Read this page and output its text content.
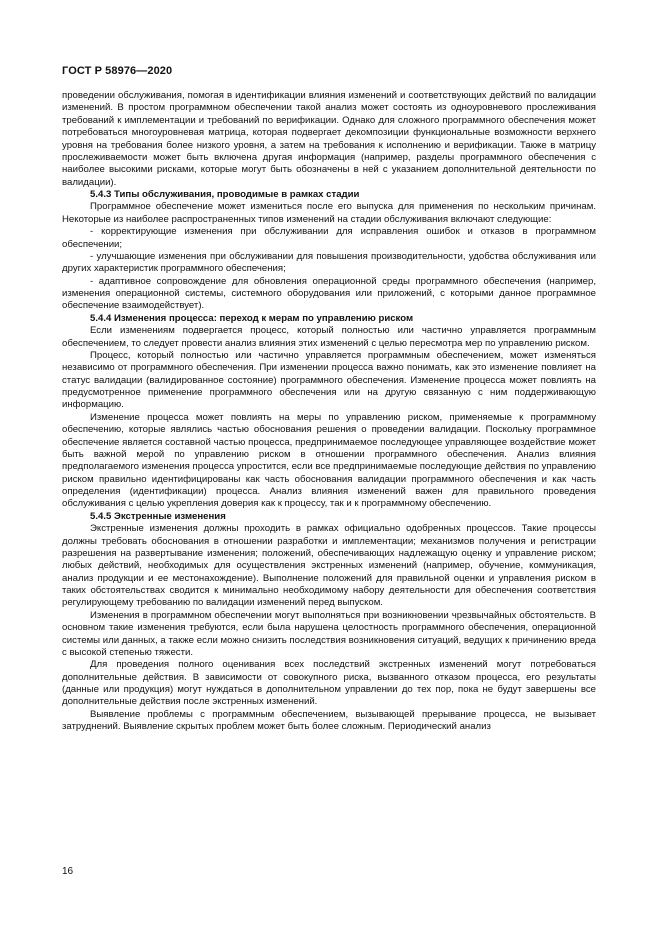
ГОСТ Р 58976—2020

проведении обслуживания, помогая в идентификации влияния изменений и соответствующих действий по валидации изменений. В простом программном обеспечении такой анализ может состоять из одноуровневого прослеживания требований к имплементации и требований по верификации. Однако для сложного программного обеспечения может потребоваться многоуровневая матрица, которая подвергает декомпозиции функциональные возможности верхнего уровня на требования более низкого уровня, а затем на требования к исполнению и верификации. Также в матрицу прослеживаемости может быть включена другая информация (например, разделы программного обеспечения с наиболее высокими рисками, которые могут быть обозначены в ней с указанием дополнительной деятельности по валидации).

5.4.3 Типы обслуживания, проводимые в рамках стадии

Программное обеспечение может измениться после его выпуска для применения по нескольким причинам. Некоторые из наиболее распространенных типов изменений на стадии обслуживания включают следующие:

- корректирующие изменения при обслуживании для исправления ошибок и отказов в программном обеспечении;

- улучшающие изменения при обслуживании для повышения производительности, удобства обслуживания или других характеристик программного обеспечения;

- адаптивное сопровождение для обновления операционной среды программного обеспечения (например, изменения операционной системы, системного оборудования или приложений, с которыми данное программное обеспечение взаимодействует).

5.4.4 Изменения процесса: переход к мерам по управлению риском

Если изменениям подвергается процесс, который полностью или частично управляется программным обеспечением, то следует провести анализ влияния этих изменений с целью пересмотра мер по управлению риском.

Процесс, который полностью или частично управляется программным обеспечением, может изменяться независимо от программного обеспечения. При изменении процесса важно понимать, как это изменение повлияет на статус валидации (валидированное состояние) программного обеспечения. Изменение процесса может повлиять на предусмотренное применение программного обеспечения или на другую связанную с ним поддерживающую информацию.

Изменение процесса может повлиять на меры по управлению риском, применяемые к программному обеспечению, которые являлись частью обоснования решения о проведении валидации. Поскольку программное обеспечение является составной частью процесса, предпринимаемое последующее управляющее воздействие может быть важной мерой по управлению риском в отношении программного обеспечения. Анализ влияния предполагаемого изменения процесса упростится, если все предпринимаемые последующие действия по управлению риском правильно идентифицированы как часть обоснования валидации программного обеспечения и как часть определения (идентификации) процесса. Анализ влияния изменений важен для правильного проведения обслуживания с целью укрепления доверия как к процессу, так и к программному обеспечению.

5.4.5 Экстренные изменения

Экстренные изменения должны проходить в рамках официально одобренных процессов. Такие процессы должны требовать обоснования в отношении разработки и имплементации; механизмов получения и регистрации разрешения на развертывание изменения; положений, обеспечивающих надлежащую оценку и управление риском; любых действий, необходимых для осуществления экстренных изменений (например, обучение, коммуникация, анализ продукции и ее местонахождение). Выполнение положений для правильной оценки и управления риском в таких обстоятельствах сводится к минимально необходимому набору деятельности для обеспечения соответствия регулирующему требованию по валидации изменений перед выпуском.

Изменения в программном обеспечении могут выполняться при возникновении чрезвычайных обстоятельств. В основном такие изменения требуются, если была нарушена целостность программного обеспечения, операционной системы или данных, а также если можно снизить последствия возникновения ситуаций, ведущих к причинению вреда с высокой степенью тяжести.

Для проведения полного оценивания всех последствий экстренных изменений могут потребоваться дополнительные действия. В зависимости от совокупного риска, вызванного отказом процесса, его результаты (данные или продукция) могут нуждаться в дополнительном управлении до тех пор, пока не будут завершены все дополнительные действия после экстренных изменений.

Выявление проблемы с программным обеспечением, вызывающей прерывание процесса, не вызывает затруднений. Выявление скрытых проблем может быть более сложным. Периодический анализ

16
